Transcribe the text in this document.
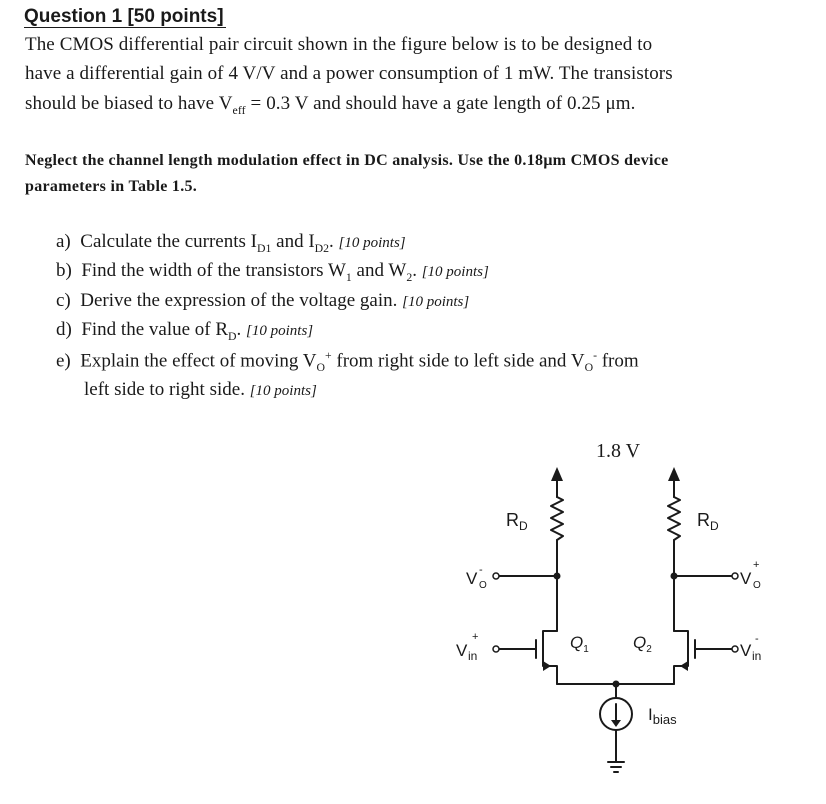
Question 1 [50 points]
The CMOS differential pair circuit shown in the figure below is to be designed to
have a differential gain of 4 V/V and a power consumption of 1 mW. The transistors
should be biased to have $V_{eff} = 0.3$ V and should have a gate length of 0.25 μm.
Neglect the channel length modulation effect in DC analysis. Use the 0.18μm CMOS device
parameters in Table 1.5.
a) Calculate the currents $I_{D1}$ and $I_{D2}$. [10 points]
b) Find the width of the transistors $W_1$ and $W_2$. [10 points]
c) Derive the expression of the voltage gain. [10 points]
d) Find the value of $R_D$. [10 points]
e) Explain the effect of moving $V_O^+$ from right side to left side and $V_O^-$ from
left side to right side. [10 points]
1.8 V
$R_D$	$R_D$
V O
-	V O
+
V in
+
V in
-
$Q_1$	$Q_2$
$I_{bias}$
